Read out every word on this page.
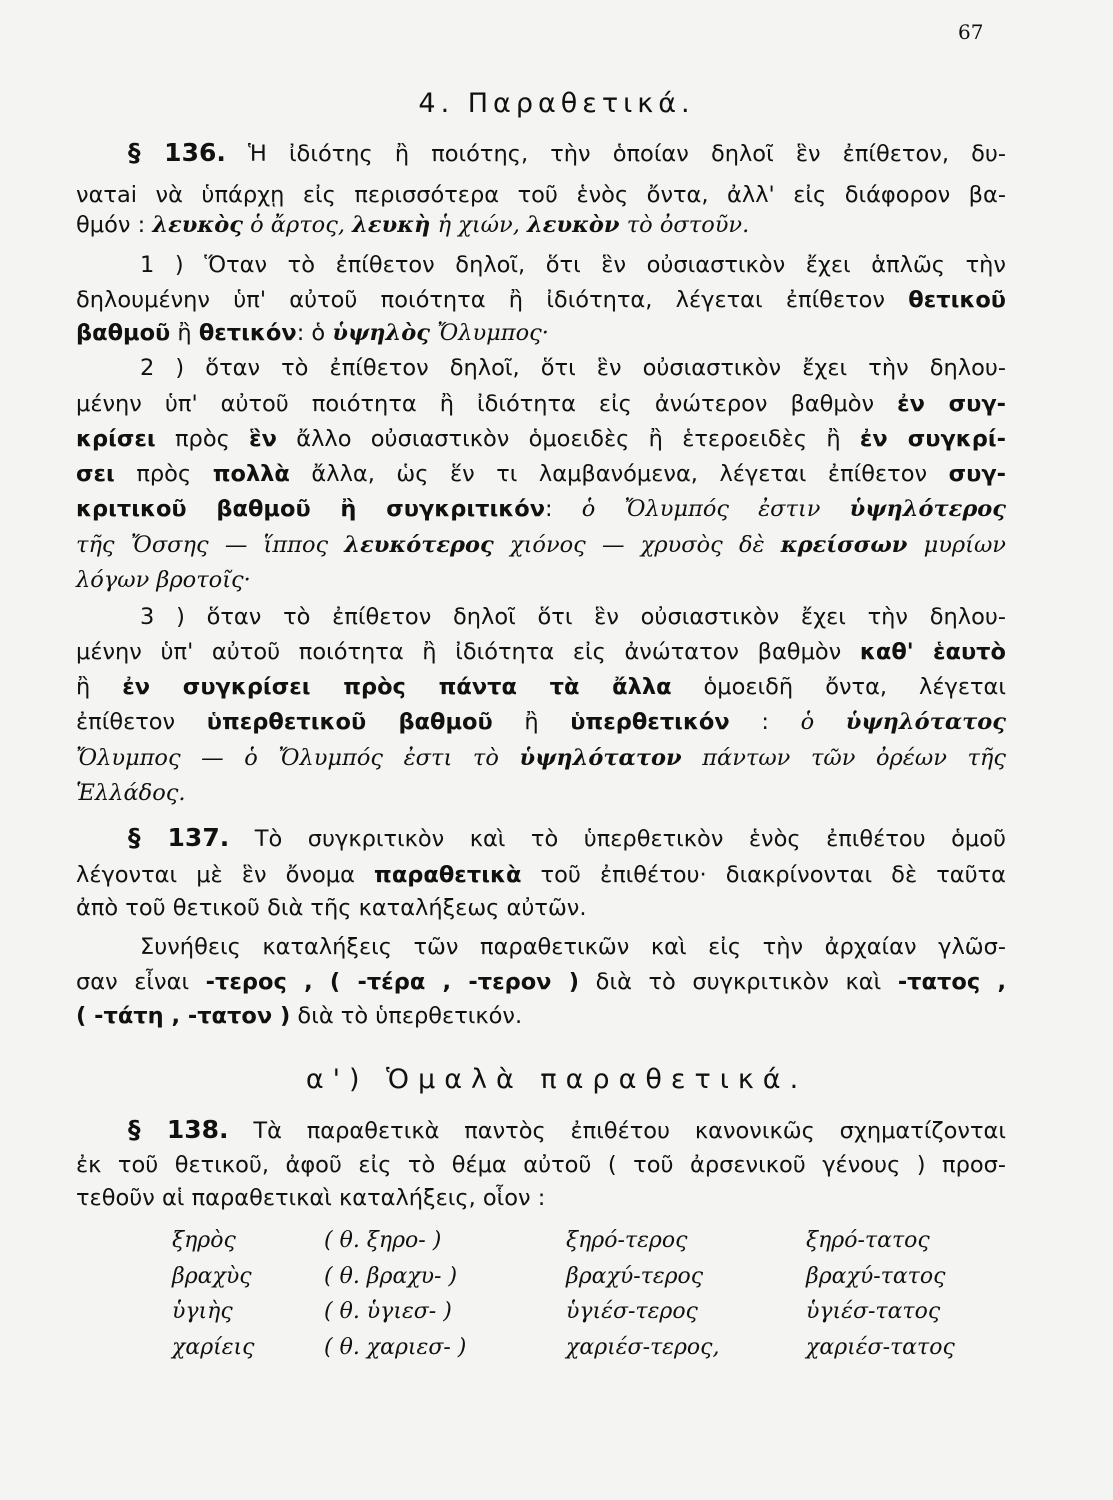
67
4. Παραθετικά.
§ 136. Ἡ ἰδιότης ἢ ποιότης, τὴν ὁποίαν δηλοῖ ἓν ἐπίθετον, δυ-
νατai νὰ ὑπάρχῃ εἰς περισσότερα τοῦ ἑνὸς ὄντα, ἀλλ' εἰς διάφορον βα-
θμόν : λευκὸς ὁ ἄρτος, λευκὴ ἡ χιών, λευκὸν τὸ ὀστοῦν.
1 ) Ὅταν τὸ ἐπίθετον δηλοῖ, ὅτι ἓν οὐσιαστικὸν ἔχει ἁπλῶς τὴν
δηλουμένην ὑπ' αὐτοῦ ποιότητα ἢ ἰδιότητα, λέγεται ἐπίθετον θετικοῦ
βαθμοῦ ἢ θετικόν: ὁ ὑψηλὸς Ὄλυμπος·
2 ) ὅταν τὸ ἐπίθετον δηλοῖ, ὅτι ἓν οὐσιαστικὸν ἔχει τὴν δηλου-
μένην ὑπ' αὐτοῦ ποιότητα ἢ ἰδιότητα εἰς ἀνώτερον βαθμὸν ἐν συγ-
κρίσει πρὸς ἓν ἄλλο οὐσιαστικὸν ὁμοειδὲς ἢ ἑτεροειδὲς ἢ ἐν συγκρί-
σει πρὸς πολλὰ ἄλλα, ὡς ἕν τι λαμβανόμενα, λέγεται ἐπίθετον συγ-
κριτικοῦ βαθμοῦ ἢ συγκριτικόν: ὁ Ὄλυμπός ἐστιν ὑψηλότερος
τῆς Ὄσσης — ἵππος λευκότερος χιόνος — χρυσὸς δὲ κρείσσων μυρίων
λόγων βροτοῖς·
3 ) ὅταν τὸ ἐπίθετον δηλοῖ ὅτι ἓν οὐσιαστικὸν ἔχει τὴν δηλου-
μένην ὑπ' αὐτοῦ ποιότητα ἢ ἰδιότητα εἰς ἀνώτατον βαθμὸν καθ' ἑαυτὸ
ἢ ἐν συγκρίσει πρὸς πάντα τὰ ἄλλα ὁμοειδῆ ὄντα, λέγεται
ἐπίθετον ὑπερθετικοῦ βαθμοῦ ἢ ὑπερθετικόν : ὁ ὑψηλότατος
Ὄλυμπος — ὁ Ὄλυμπός ἐστι τὸ ὑψηλότατον πάντων τῶν ὀρέων τῆς
Ἑλλάδος.
§ 137. Τὸ συγκριτικὸν καὶ τὸ ὑπερθετικὸν ἑνὸς ἐπιθέτου ὁμοῦ
λέγονται μὲ ἓν ὄνομα παραθετικὰ τοῦ ἐπιθέτου· διακρίνονται δὲ ταῦτα
ἀπὸ τοῦ θετικοῦ διὰ τῆς καταλήξεως αὐτῶν.
Συνήθεις καταλήξεις τῶν παραθετικῶν καὶ εἰς τὴν ἀρχαίαν γλῶσ-
σαν εἶναι -τερος , ( -τέρα , -τερον ) διὰ τὸ συγκριτικὸν καὶ -τατος ,
( -τάτη , -τατον ) διὰ τὸ ὑπερθετικόν.
α') Ὁμαλὰ παραθετικά.
§ 138. Τὰ παραθετικὰ παντὸς ἐπιθέτου κανονικῶς σχηματίζονται
ἐκ τοῦ θετικοῦ, ἀφοῦ εἰς τὸ θέμα αὐτοῦ ( τοῦ ἀρσενικοῦ γένους ) προσ-
τεθοῦν αἱ παραθετικαὶ καταλήξεις, οἷον :
ξηρὸς	( θ. ξηρο- )	ξηρό-τερος	ξηρό-τατος
βραχὺς	( θ. βραχυ- )	βραχύ-τερος	βραχύ-τατος
ὑγιὴς	( θ. ὑγιεσ- )	ὑγιέσ-τερος	ὑγιέσ-τατος
χαρίεις	( θ. χαριεσ- )	χαριέσ-τερος,	χαριέσ-τατος
